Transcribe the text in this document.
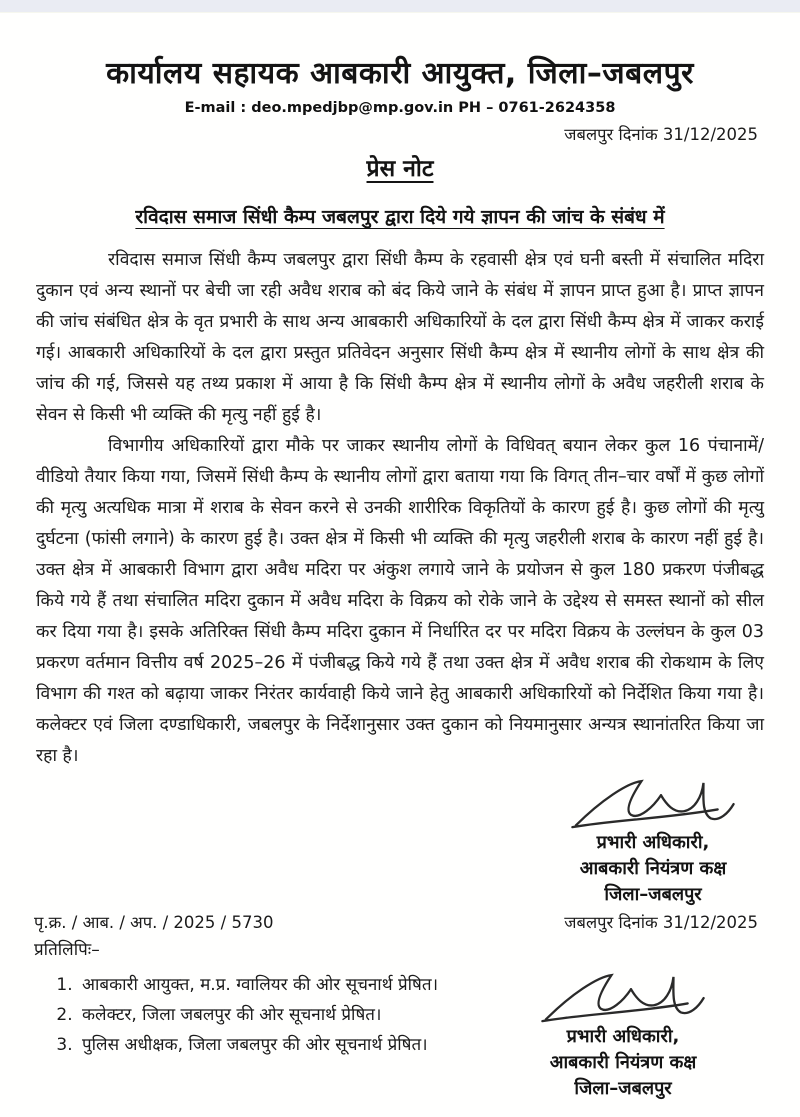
कार्यालय सहायक आबकारी आयुक्त, जिला–जबलपुर
E-mail : deo.mpedjbp@mp.gov.in PH – 0761-2624358
जबलपुर दिनांक 31/12/2025
प्रेस नोट
रविदास समाज सिंधी कैम्प जबलपुर द्वारा दिये गये ज्ञापन की जांच के संबंध में

रविदास समाज सिंधी कैम्प जबलपुर द्वारा सिंधी कैम्प के रहवासी क्षेत्र एवं घनी बस्ती में संचालित मदिरा दुकान एवं अन्य स्थानों पर बेची जा रही अवैध शराब को बंद किये जाने के संबंध में ज्ञापन प्राप्त हुआ है। प्राप्त ज्ञापन की जांच संबंधित क्षेत्र के वृत प्रभारी के साथ अन्य आबकारी अधिकारियों के दल द्वारा सिंधी कैम्प क्षेत्र में जाकर कराई गई। आबकारी अधिकारियों के दल द्वारा प्रस्तुत प्रतिवेदन अनुसार सिंधी कैम्प क्षेत्र में स्थानीय लोगों के साथ क्षेत्र की जांच की गई, जिससे यह तथ्य प्रकाश में आया है कि सिंधी कैम्प क्षेत्र में स्थानीय लोगों के अवैध जहरीली शराब के सेवन से किसी भी व्यक्ति की मृत्यु नहीं हुई है।

विभागीय अधिकारियों द्वारा मौके पर जाकर स्थानीय लोगों के विधिवत् बयान लेकर कुल 16 पंचानामें/वीडियो तैयार किया गया, जिसमें सिंधी कैम्प के स्थानीय लोगों द्वारा बताया गया कि विगत् तीन–चार वर्षों में कुछ लोगों की मृत्यु अत्यधिक मात्रा में शराब के सेवन करने से उनकी शारीरिक विकृतियों के कारण हुई है। कुछ लोगों की मृत्यु दुर्घटना (फांसी लगाने) के कारण हुई है। उक्त क्षेत्र में किसी भी व्यक्ति की मृत्यु जहरीली शराब के कारण नहीं हुई है। उक्त क्षेत्र में आबकारी विभाग द्वारा अवैध मदिरा पर अंकुश लगाये जाने के प्रयोजन से कुल 180 प्रकरण पंजीबद्ध किये गये हैं तथा संचालित मदिरा दुकान में अवैध मदिरा के विक्रय को रोके जाने के उद्देश्य से समस्त स्थानों को सील कर दिया गया है। इसके अतिरिक्त सिंधी कैम्प मदिरा दुकान में निर्धारित दर पर मदिरा विक्रय के उल्लंघन के कुल 03 प्रकरण वर्तमान वित्तीय वर्ष 2025–26 में पंजीबद्ध किये गये हैं तथा उक्त क्षेत्र में अवैध शराब की रोकथाम के लिए विभाग की गश्त को बढ़ाया जाकर निरंतर कार्यवाही किये जाने हेतु आबकारी अधिकारियों को निर्देशित किया गया है। कलेक्टर एवं जिला दण्डाधिकारी, जबलपुर के निर्देशानुसार उक्त दुकान को नियमानुसार अन्यत्र स्थानांतरित किया जा रहा है।

प्रभारी अधिकारी,
आबकारी नियंत्रण कक्ष
जिला–जबलपुर
पृ.क्र. / आब. / अप. / 2025 / 5730	जबलपुर दिनांक 31/12/2025
प्रतिलिपिः–
1. आबकारी आयुक्त, म.प्र. ग्वालियर की ओर सूचनार्थ प्रेषित।
2. कलेक्टर, जिला जबलपुर की ओर सूचनार्थ प्रेषित।
3. पुलिस अधीक्षक, जिला जबलपुर की ओर सूचनार्थ प्रेषित।	प्रभारी अधिकारी,
आबकारी नियंत्रण कक्ष
जिला–जबलपुर
